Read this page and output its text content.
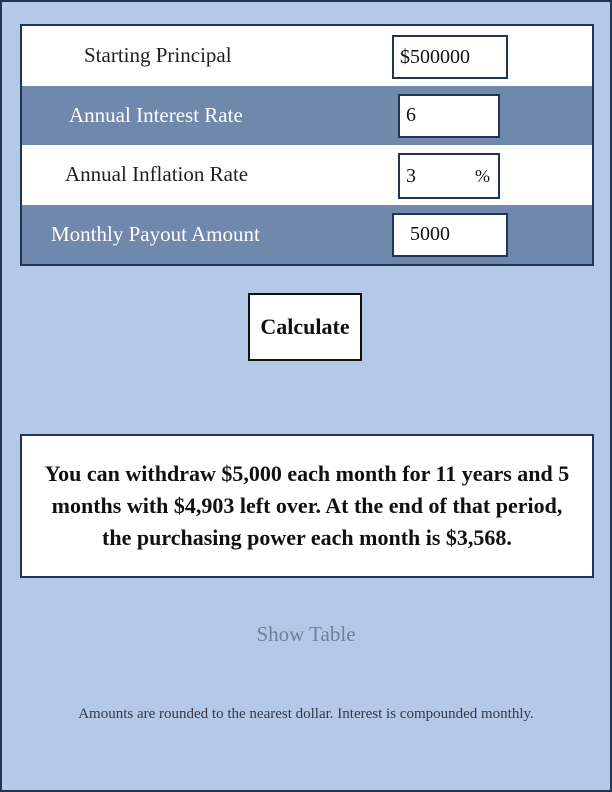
Starting Principal	$500000
Annual Interest Rate	6
Annual Inflation Rate	3	%
Monthly Payout Amount	5000
Calculate

You can withdraw $5,000 each month for 11 years and 5 months with $4,903 left over. At the end of that period, the purchasing power each month is $3,568.

Show Table
Amounts are rounded to the nearest dollar. Interest is compounded monthly.
